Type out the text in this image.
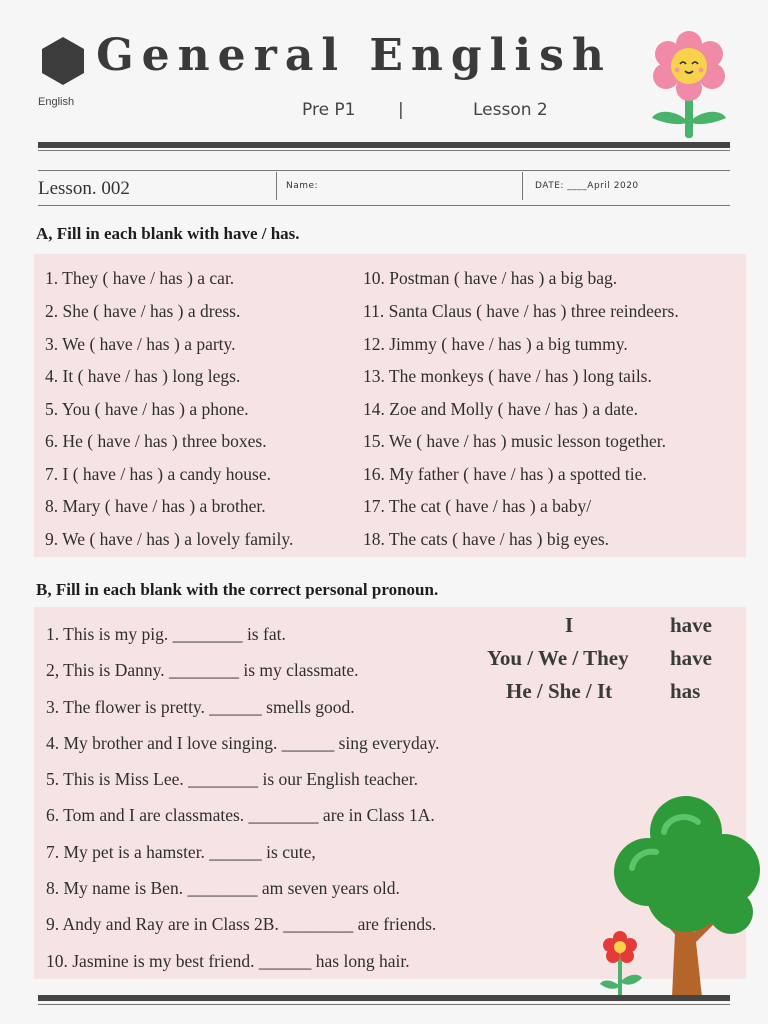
English
General English
Pre P1	|	Lesson 2
Lesson. 002	Name:	DATE: ____April 2020
A, Fill in each blank with have / has.
1. They ( have / has ) a car.
2. She ( have / has ) a dress.
3. We ( have / has ) a party.
4. It ( have / has ) long legs.
5. You ( have / has ) a phone.
6. He ( have / has ) three boxes.
7. I ( have / has ) a candy house.
8. Mary ( have / has ) a brother.
9. We ( have / has ) a lovely family.
10. Postman ( have / has ) a big bag.
11. Santa Claus ( have / has ) three reindeers.
12. Jimmy ( have / has ) a big tummy.
13. The monkeys ( have / has ) long tails.
14. Zoe and Molly ( have / has ) a date.
15. We ( have / has ) music lesson together.
16. My father ( have / has ) a spotted tie.
17. The cat ( have / has ) a baby/
18. The cats ( have / has ) big eyes.
B, Fill in each blank with the correct personal pronoun.
1. This is my pig. ________ is fat.
2, This is Danny. ________ is my classmate.
3. The flower is pretty. ______ smells good.
4. My brother and I love singing. ______ sing everyday.
5. This is Miss Lee. ________ is our English teacher.
6. Tom and I are classmates. ________ are in Class 1A.
7. My pet is a hamster. ______ is cute,
8. My name is Ben. ________ am seven years old.
9. Andy and Ray are in Class 2B. ________ are friends.
10. Jasmine is my best friend. ______ has long hair.
I	have
You / We / They have
He / She / It	has
